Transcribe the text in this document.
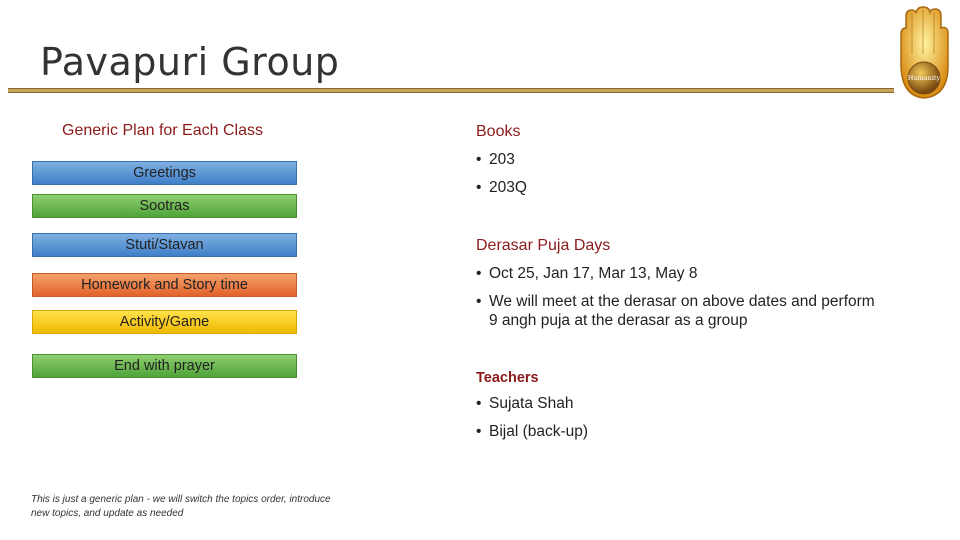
Pavapuri Group	Humanity
Generic Plan for Each Class
Greetings
Sootras
Stuti/Stavan
Homework and Story time
Activity/Game
End with prayer
This is just a generic plan - we will switch the topics order, introduce new topics, and update as needed
Books
• 203
• 203Q
Derasar Puja Days
• Oct 25, Jan 17, Mar 13, May 8
• We will meet at the derasar on above dates and perform 9 angh puja at the derasar as a group
Teachers
• Sujata Shah
• Bijal (back-up)
